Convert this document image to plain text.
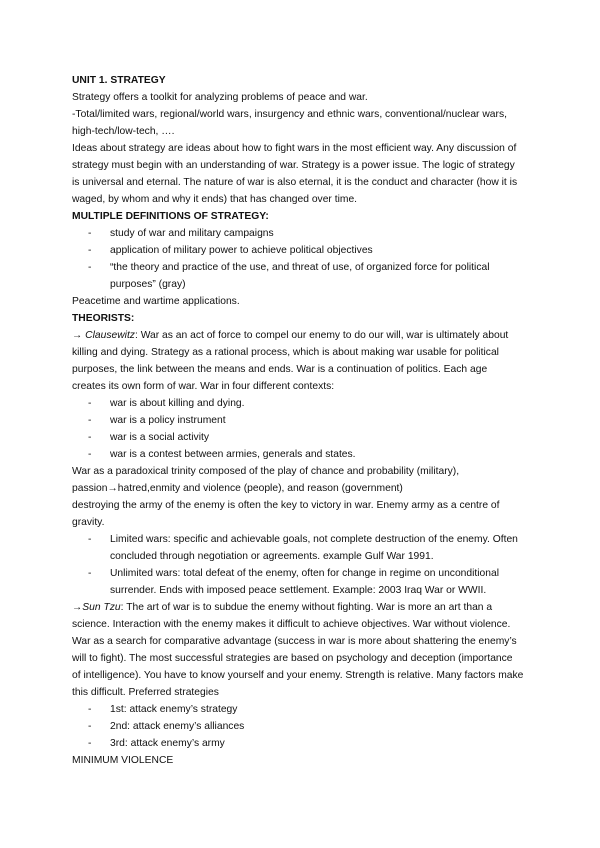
UNIT 1. STRATEGY
Strategy offers a toolkit for analyzing problems of peace and war.
-Total/limited wars, regional/world wars, insurgency and ethnic wars, conventional/nuclear wars,
high-tech/low-tech, ….
Ideas about strategy are ideas about how to fight wars in the most efficient way. Any discussion of
strategy must begin with an understanding of war. Strategy is a power issue. The logic of strategy
is universal and eternal. The nature of war is also eternal, it is the conduct and character (how it is
waged, by whom and why it ends) that has changed over time.
MULTIPLE DEFINITIONS OF STRATEGY:
- study of war and military campaigns
- application of military power to achieve political objectives
- “the theory and practice of the use, and threat of use, of organized force for political purposes” (gray)
Peacetime and wartime applications.
THEORISTS:
→ Clausewitz: War as an act of force to compel our enemy to do our will, war is ultimately about
killing and dying. Strategy as a rational process, which is about making war usable for political
purposes, the link between the means and ends. War is a continuation of politics. Each age
creates its own form of war. War in four different contexts:
- war is about killing and dying.
- war is a policy instrument
- war is a social activity
- war is a contest between armies, generals and states.
War as a paradoxical trinity composed of the play of chance and probability (military),
passion→hatred,enmity and violence (people), and reason (government)
destroying the army of the enemy is often the key to victory in war. Enemy army as a centre of
gravity.
- Limited wars: specific and achievable goals, not complete destruction of the enemy. Often concluded through negotiation or agreements. example Gulf War 1991.
- Unlimited wars: total defeat of the enemy, often for change in regime on unconditional surrender. Ends with imposed peace settlement. Example: 2003 Iraq War or WWII.
→Sun Tzu: The art of war is to subdue the enemy without fighting. War is more an art than a
science. Interaction with the enemy makes it difficult to achieve objectives. War without violence.
War as a search for comparative advantage (success in war is more about shattering the enemy’s
will to fight). The most successful strategies are based on psychology and deception (importance
of intelligence). You have to know yourself and your enemy. Strength is relative. Many factors make
this difficult. Preferred strategies
- 1st: attack enemy’s strategy
- 2nd: attack enemy’s alliances
- 3rd: attack enemy’s army
MINIMUM VIOLENCE
